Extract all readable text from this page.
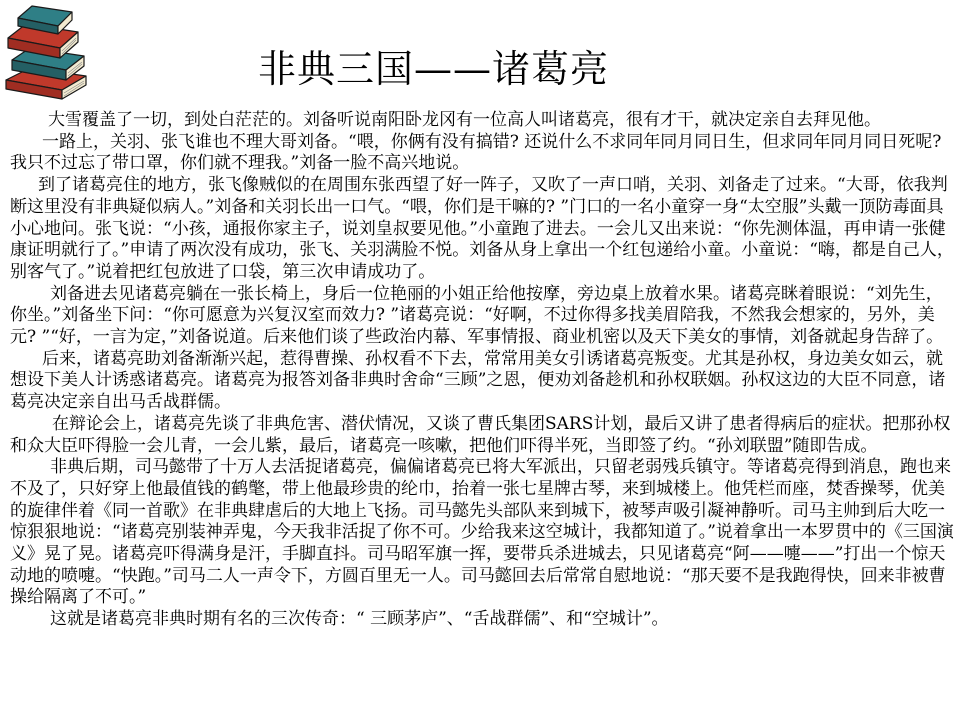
非典三国——诸葛亮

大雪覆盖了一切，到处白茫茫的。刘备听说南阳卧龙冈有一位高人叫诸葛亮，很有才干，就决定亲自去拜见他。

一路上，关羽、张飞谁也不理大哥刘备。“喂，你俩有没有搞错? 还说什么不求同年同月同日生，但求同年同月同日死呢? 我只不过忘了带口罩，你们就不理我。”刘备一脸不高兴地说。

到了诸葛亮住的地方，张飞像贼似的在周围东张西望了好一阵子，又吹了一声口哨，关羽、刘备走了过来。“大哥，依我判断这里没有非典疑似病人。”刘备和关羽长出一口气。“喂，你们是干嘛的? ”门口的一名小童穿一身“太空服”头戴一顶防毒面具小心地问。张飞说：“小孩，通报你家主子，说刘皇叔要见他。”小童跑了进去。一会儿又出来说：“你先测体温，再申请一张健康证明就行了。”申请了两次没有成功，张飞、关羽满脸不悦。刘备从身上拿出一个红包递给小童。小童说：“嗨，都是自己人，别客气了。”说着把红包放进了口袋，第三次申请成功了。

刘备进去见诸葛亮躺在一张长椅上，身后一位艳丽的小姐正给他按摩，旁边桌上放着水果。诸葛亮眯着眼说：“刘先生，你坐。”刘备坐下问：“你可愿意为兴复汉室而效力? ”诸葛亮说：“好啊，不过你得多找美眉陪我，不然我会想家的，另外，美元? ”“好，一言为定，”刘备说道。后来他们谈了些政治内幕、军事情报、商业机密以及天下美女的事情，刘备就起身告辞了。

后来，诸葛亮助刘备渐渐兴起，惹得曹操、孙权看不下去，常常用美女引诱诸葛亮叛变。尤其是孙权，身边美女如云，就想设下美人计诱惑诸葛亮。诸葛亮为报答刘备非典时舍命“三顾”之恩，便劝刘备趁机和孙权联姻。孙权这边的大臣不同意，诸葛亮决定亲自出马舌战群儒。

在辩论会上，诸葛亮先谈了非典危害、潜伏情况，又谈了曹氏集团SARS计划，最后又讲了患者得病后的症状。把那孙权和众大臣吓得脸一会儿青，一会儿紫，最后，诸葛亮一咳嗽，把他们吓得半死，当即签了约。“孙刘联盟”随即告成。

非典后期，司马懿带了十万人去活捉诸葛亮，偏偏诸葛亮已将大军派出，只留老弱残兵镇守。等诸葛亮得到消息，跑也来不及了，只好穿上他最值钱的鹤氅，带上他最珍贵的纶巾，抬着一张七星牌古琴，来到城楼上。他凭栏而座，焚香操琴，优美的旋律伴着《同一首歌》在非典肆虐后的大地上飞扬。司马懿先头部队来到城下，被琴声吸引凝神静听。司马主帅到后大吃一惊狠狠地说：“诸葛亮别装神弄鬼，今天我非活捉了你不可。少给我来这空城计，我都知道了。”说着拿出一本罗贯中的《三国演义》晃了晃。诸葛亮吓得满身是汗，手脚直抖。司马昭军旗一挥，要带兵杀进城去，只见诸葛亮“阿——嚏——”打出一个惊天动地的喷嚏。“快跑。”司马二人一声令下，方圆百里无一人。司马懿回去后常常自慰地说：“那天要不是我跑得快，回来非被曹操给隔离了不可。”

这就是诸葛亮非典时期有名的三次传奇：“ 三顾茅庐”、“舌战群儒”、和“空城计”。
